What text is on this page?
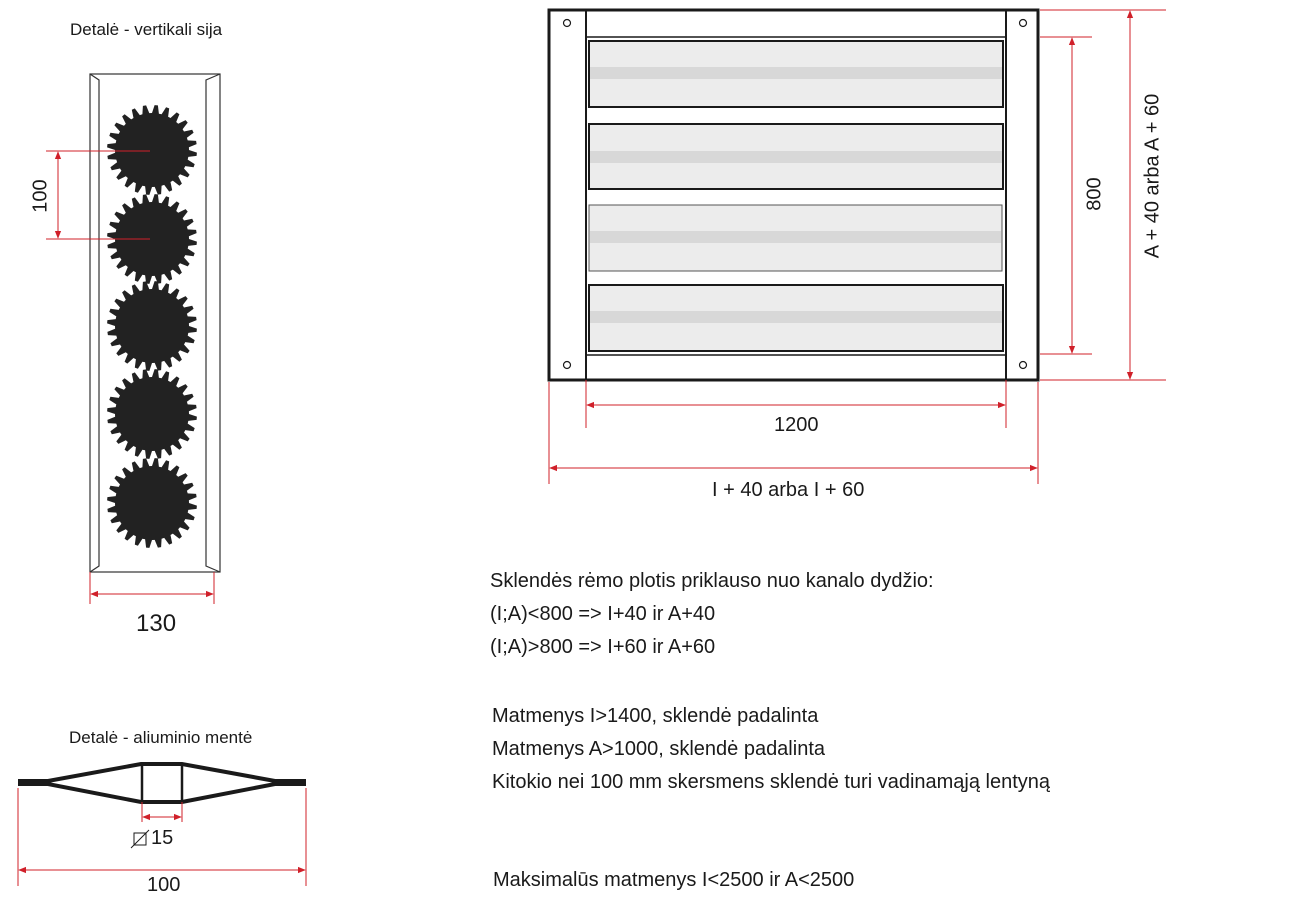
Detalė - vertikali sija
100
130
Detalė - aliuminio mentė
15
100
1200
I + 40 arba I + 60
800 A + 40 arba A + 60
Sklendės rėmo plotis priklauso nuo kanalo dydžio:
(I;A)<800 => I+40 ir A+40
(I;A)>800 => I+60 ir A+60
Matmenys I>1400, sklendė padalinta
Matmenys A>1000, sklendė padalinta
Kitokio nei 100 mm skersmens sklendė turi vadinamąją lentyną
Maksimalūs matmenys I<2500 ir A<2500
